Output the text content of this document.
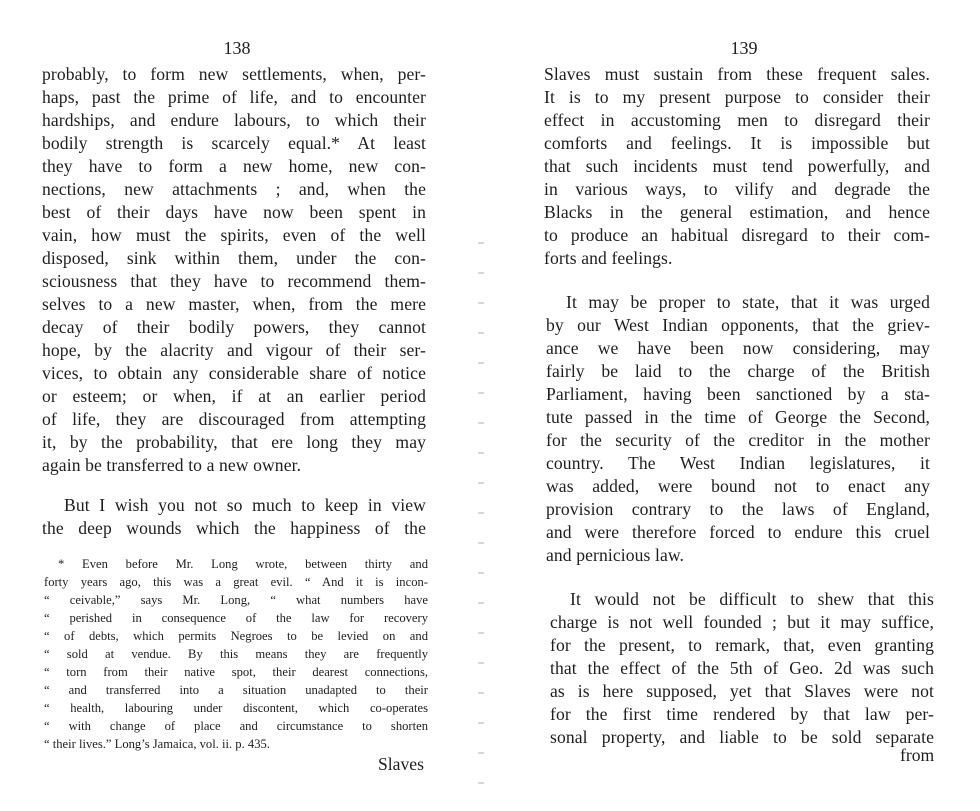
138
probably, to form new settlements, when, per-
haps, past the prime of life, and to encounter
hardships, and endure labours, to which their
bodily strength is scarcely equal.* At least
they have to form a new home, new con-
nections, new attachments ; and, when the
best of their days have now been spent in
vain, how must the spirits, even of the well
disposed, sink within them, under the con-
sciousness that they have to recommend them-
selves to a new master, when, from the mere
decay of their bodily powers, they cannot
hope, by the alacrity and vigour of their ser-
vices, to obtain any considerable share of notice
or esteem; or when, if at an earlier period
of life, they are discouraged from attempting
it, by the probability, that ere long they may
again be transferred to a new owner.
But I wish you not so much to keep in view
the deep wounds which the happiness of the
* Even before Mr. Long wrote, between thirty and
forty years ago, this was a great evil. “ And it is incon-
“ ceivable,” says Mr. Long, “ what numbers have
“ perished in consequence of the law for recovery
“ of debts, which permits Negroes to be levied on and
“ sold at vendue. By this means they are frequently
“ torn from their native spot, their dearest connections,
“ and transferred into a situation unadapted to their
“ health, labouring under discontent, which co-operates
“ with change of place and circumstance to shorten
“ their lives.” Long’s Jamaica, vol. ii. p. 435.
Slaves
139
Slaves must sustain from these frequent sales.
It is to my present purpose to consider their
effect in accustoming men to disregard their
comforts and feelings. It is impossible but
that such incidents must tend powerfully, and
in various ways, to vilify and degrade the
Blacks in the general estimation, and hence
to produce an habitual disregard to their com-
forts and feelings.
It may be proper to state, that it was urged
by our West Indian opponents, that the griev-
ance we have been now considering, may
fairly be laid to the charge of the British
Parliament, having been sanctioned by a sta-
tute passed in the time of George the Second,
for the security of the creditor in the mother
country. The West Indian legislatures, it
was added, were bound not to enact any
provision contrary to the laws of England,
and were therefore forced to endure this cruel
and pernicious law.
It would not be difficult to shew that this
charge is not well founded ; but it may suffice,
for the present, to remark, that, even granting
that the effect of the 5th of Geo. 2d was such
as is here supposed, yet that Slaves were not
for the first time rendered by that law per-
sonal property, and liable to be sold separate
from
